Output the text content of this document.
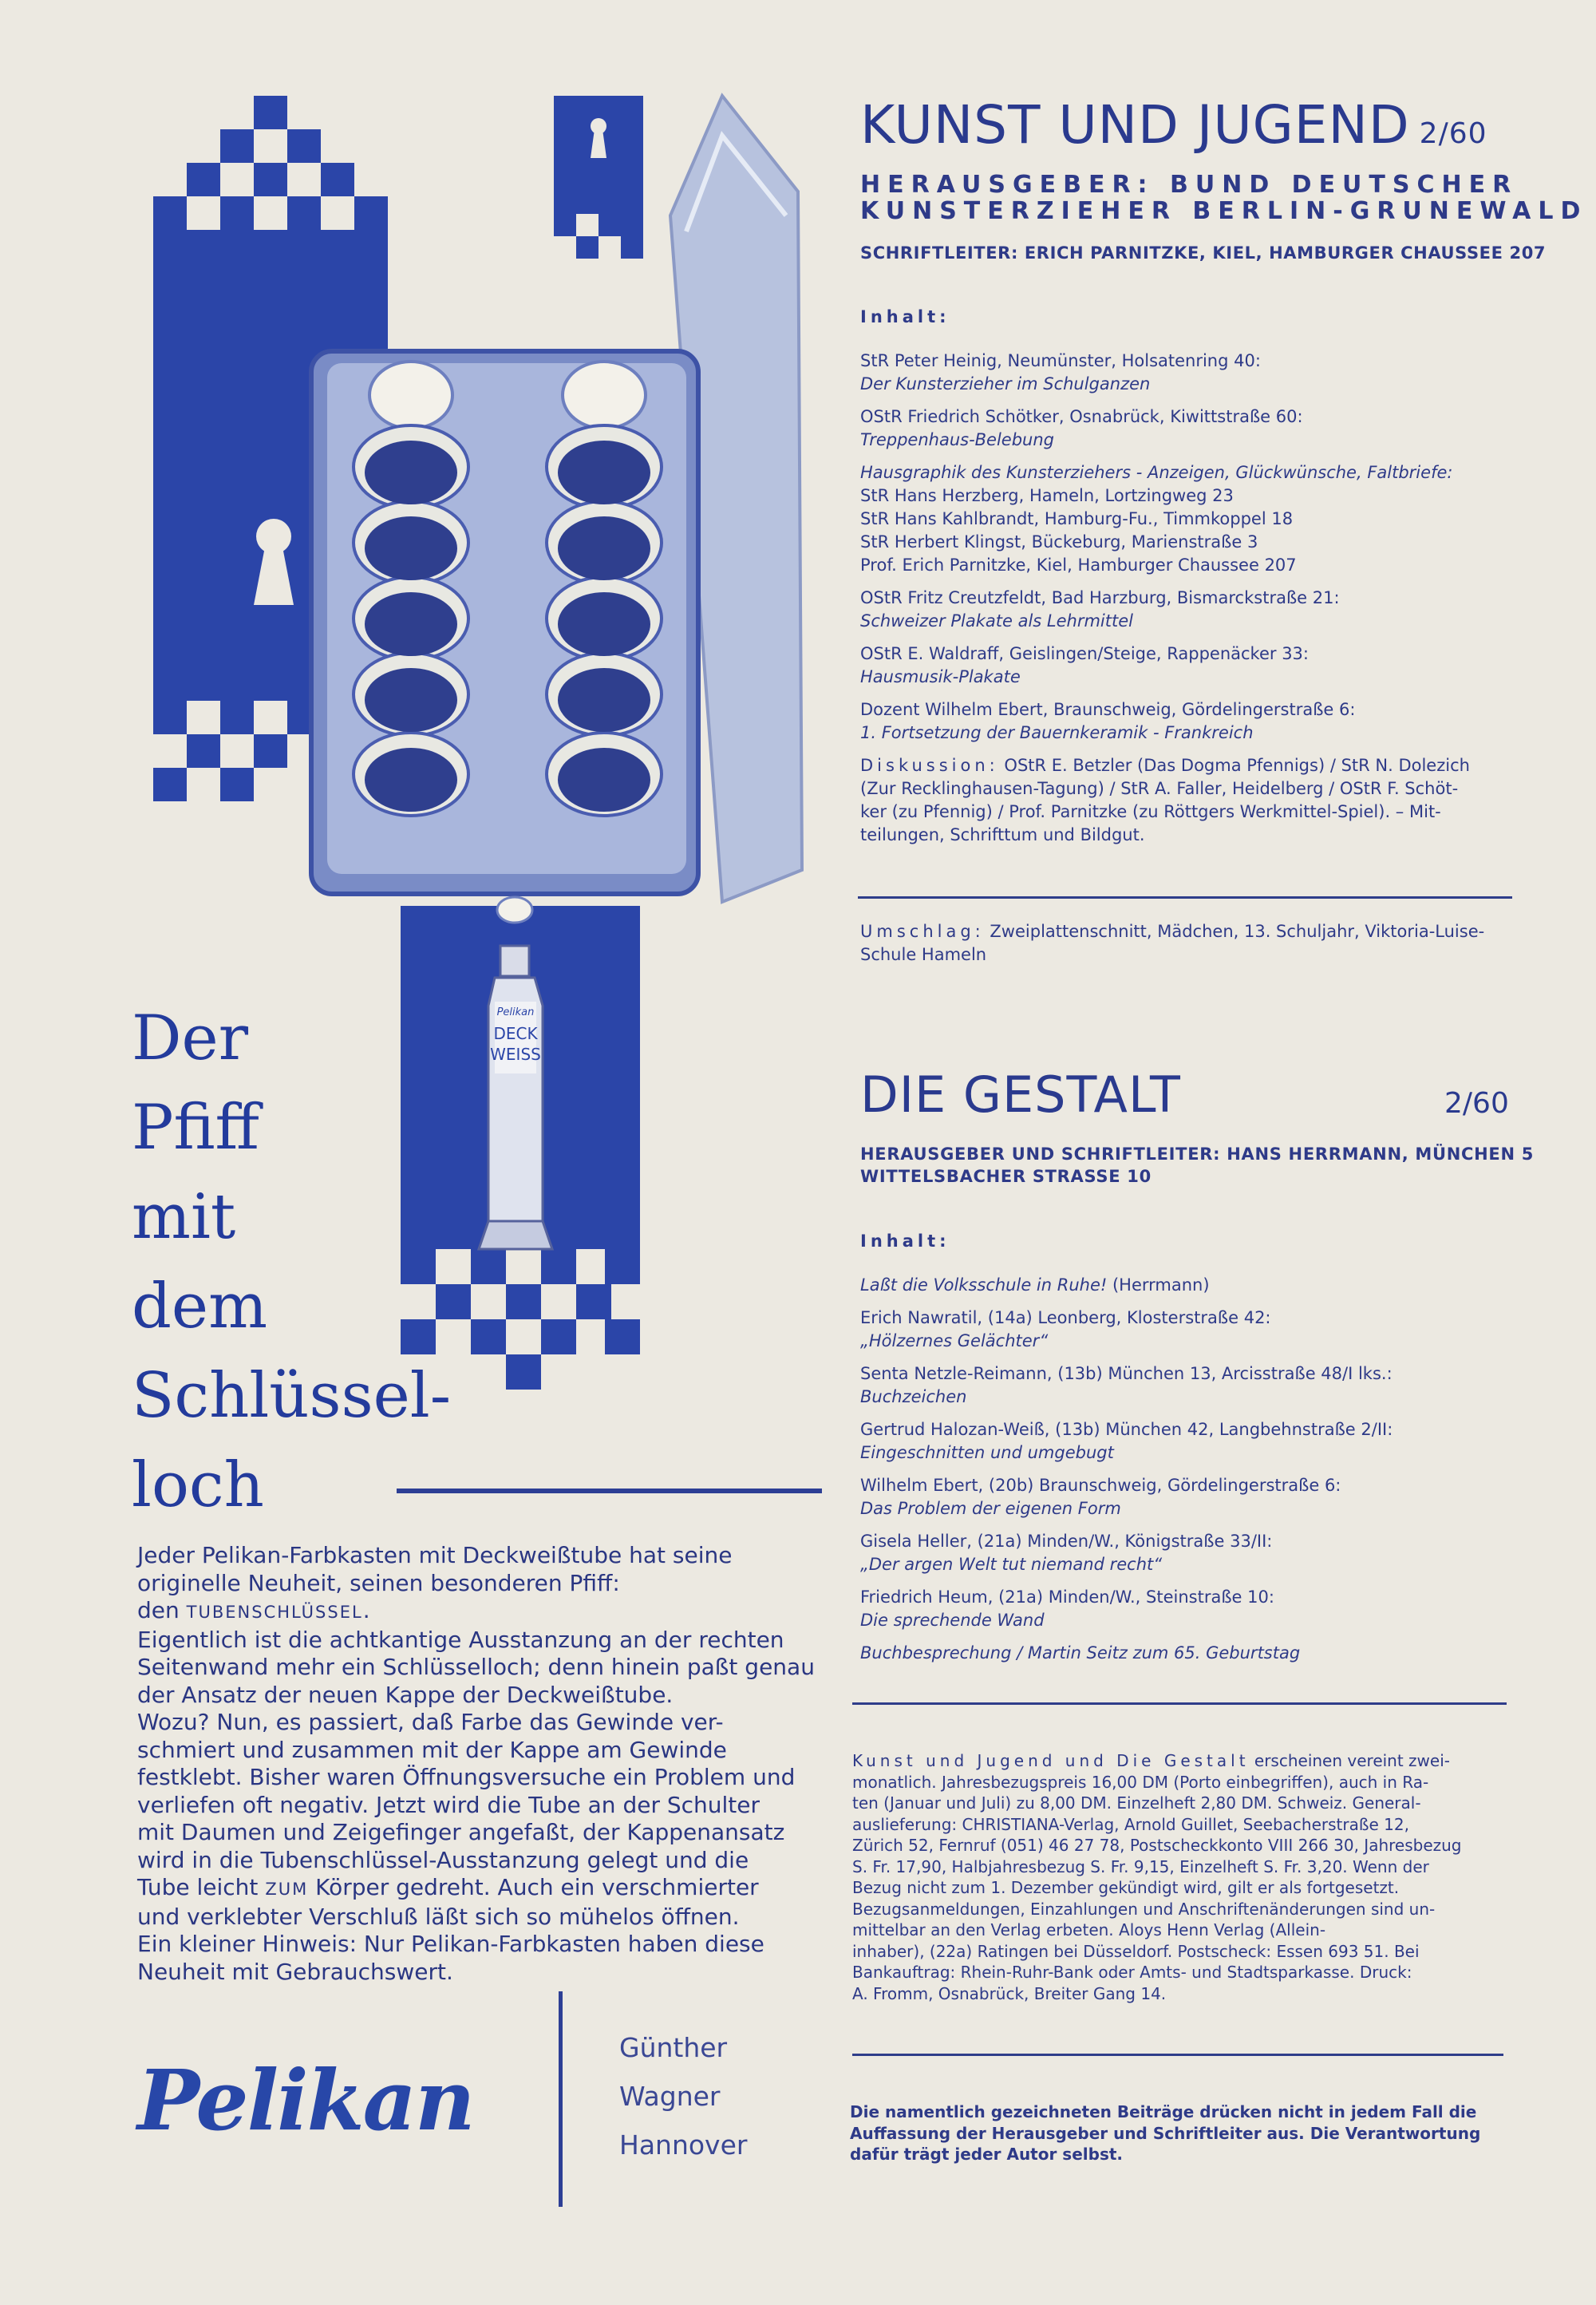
Pelikan
DECK
WEISS
Der
Pfiff
mit
dem
Schlüssel-
loch
Jeder Pelikan-Farbkasten mit Deckweißtube hat seine
originelle Neuheit, seinen besonderen Pfiff:
den TUBENSCHLÜSSEL.
Eigentlich ist die achtkantige Ausstanzung an der rechten
Seitenwand mehr ein Schlüsselloch; denn hinein paßt genau
der Ansatz der neuen Kappe der Deckweißtube.
Wozu? Nun, es passiert, daß Farbe das Gewinde ver-
schmiert und zusammen mit der Kappe am Gewinde
festklebt. Bisher waren Öffnungsversuche ein Problem und
verliefen oft negativ. Jetzt wird die Tube an der Schulter
mit Daumen und Zeigefinger angefaßt, der Kappenansatz
wird in die Tubenschlüssel-Ausstanzung gelegt und die
Tube leicht ZUM Körper gedreht. Auch ein verschmierter
und verklebter Verschluß läßt sich so mühelos öffnen.
Ein kleiner Hinweis: Nur Pelikan-Farbkasten haben diese
Neuheit mit Gebrauchswert.
Pelikan
Günther
Wagner
Hannover
KUNST UND JUGEND 2/60
HERAUSGEBER: BUND DEUTSCHER
KUNSTERZIEHER BERLIN-GRUNEWALD
SCHRIFTLEITER: ERICH PARNITZKE, KIEL, HAMBURGER CHAUSSEE 207
Inhalt:
StR Peter Heinig, Neumünster, Holsatenring 40:
Der Kunsterzieher im Schulganzen
OStR Friedrich Schötker, Osnabrück, Kiwittstraße 60:
Treppenhaus-Belebung
Hausgraphik des Kunsterziehers - Anzeigen, Glückwünsche, Faltbriefe:
StR Hans Herzberg, Hameln, Lortzingweg 23
StR Hans Kahlbrandt, Hamburg-Fu., Timmkoppel 18
StR Herbert Klingst, Bückeburg, Marienstraße 3
Prof. Erich Parnitzke, Kiel, Hamburger Chaussee 207
OStR Fritz Creutzfeldt, Bad Harzburg, Bismarckstraße 21:
Schweizer Plakate als Lehrmittel
OStR E. Waldraff, Geislingen/Steige, Rappenäcker 33:
Hausmusik-Plakate
Dozent Wilhelm Ebert, Braunschweig, Gördelingerstraße 6:
1. Fortsetzung der Bauernkeramik - Frankreich
Diskussion: OStR E. Betzler (Das Dogma Pfennigs) / StR N. Dolezich
(Zur Recklinghausen-Tagung) / StR A. Faller, Heidelberg / OStR F. Schöt-
ker (zu Pfennig) / Prof. Parnitzke (zu Röttgers Werkmittel-Spiel). – Mit-
teilungen, Schrifttum und Bildgut.
Umschlag: Zweiplattenschnitt, Mädchen, 13. Schuljahr, Viktoria-Luise-
Schule Hameln
DIE GESTALT	2/60
HERAUSGEBER UND SCHRIFTLEITER: HANS HERRMANN, MÜNCHEN 5
WITTELSBACHER STRASSE 10
Inhalt:
Laßt die Volksschule in Ruhe! (Herrmann)
Erich Nawratil, (14a) Leonberg, Klosterstraße 42:
„Hölzernes Gelächter“
Senta Netzle-Reimann, (13b) München 13, Arcisstraße 48/I lks.:
Buchzeichen
Gertrud Halozan-Weiß, (13b) München 42, Langbehnstraße 2/II:
Eingeschnitten und umgebugt
Wilhelm Ebert, (20b) Braunschweig, Gördelingerstraße 6:
Das Problem der eigenen Form
Gisela Heller, (21a) Minden/W., Königstraße 33/II:
„Der argen Welt tut niemand recht“
Friedrich Heum, (21a) Minden/W., Steinstraße 10:
Die sprechende Wand
Buchbesprechung / Martin Seitz zum 65. Geburtstag
Kunst und Jugend und Die Gestalt erscheinen vereint zwei-
monatlich. Jahresbezugspreis 16,00 DM (Porto einbegriffen), auch in Ra-
ten (Januar und Juli) zu 8,00 DM. Einzelheft 2,80 DM. Schweiz. General-
auslieferung: CHRISTIANA-Verlag, Arnold Guillet, Seebacherstraße 12,
Zürich 52, Fernruf (051) 46 27 78, Postscheckkonto VIII 266 30, Jahresbezug
S. Fr. 17,90, Halbjahresbezug S. Fr. 9,15, Einzelheft S. Fr. 3,20. Wenn der
Bezug nicht zum 1. Dezember gekündigt wird, gilt er als fortgesetzt.
Bezugsanmeldungen, Einzahlungen und Anschriftenänderungen sind un-
mittelbar an den Verlag erbeten. Aloys Henn Verlag (Allein-
inhaber), (22a) Ratingen bei Düsseldorf. Postscheck: Essen 693 51. Bei
Bankauftrag: Rhein-Ruhr-Bank oder Amts- und Stadtsparkasse. Druck:
A. Fromm, Osnabrück, Breiter Gang 14.
Die namentlich gezeichneten Beiträge drücken nicht in jedem Fall die
Auffassung der Herausgeber und Schriftleiter aus. Die Verantwortung
dafür trägt jeder Autor selbst.
